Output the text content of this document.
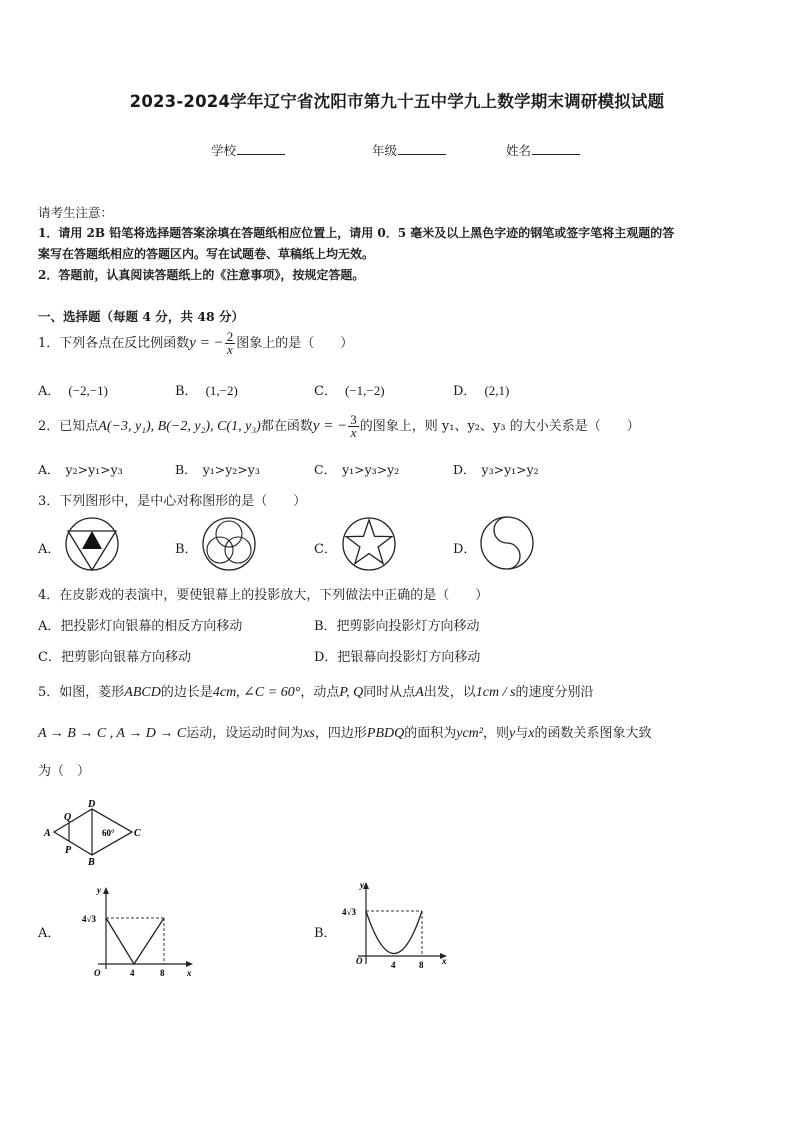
2023-2024学年辽宁省沈阳市第九十五中学九上数学期末调研模拟试题
学校	年级	姓名
请考生注意：
1．请用 2B 铅笔将选择题答案涂填在答题纸相应位置上，请用 0．5 毫米及以上黑色字迹的钢笔或签字笔将主观题的答
案写在答题纸相应的答题区内。写在试题卷、草稿纸上均无效。
2．答题前，认真阅读答题纸上的《注意事项》，按规定答题。
一、选择题（每题 4 分，共 48 分）
1．下列各点在反比例函数y = − $\frac{2}{x}$ 图象上的是（　　）
A． (−2,−1)	B． (1,−2)	C． (−1,−2)	D． (2,1)
2．已知点A(−3, y₁), B(−2, y₂), C(1, y₃)都在函数y = − $\frac{3}{x}$ 的图象上，则 y₁、y₂、y₃ 的大小关系是（　　）
A． y₂>y₁>y₃	B． y₁>y₂>y₃	C． y₁>y₃>y₂	D． y₃>y₁>y₂
3．下列图形中，是中心对称图形的是（　　）
A．	B．	C．	D．
4．在皮影戏的表演中，要使银幕上的投影放大，下列做法中正确的是（　　）
A．把投影灯向银幕的相反方向移动	B．把剪影向投影灯方向移动
C．把剪影向银幕方向移动	D．把银幕向投影灯方向移动
5．如图，菱形ABCD的边长是4cm, ∠C = 60°，动点P, Q同时从点A出发，以1cm / s的速度分别沿
A → B → C , A → D → C运动，设运动时间为xs，四边形PBDQ的面积为ycm²，则y与x的函数关系图象大致
为（　）
A
D
C
B
Q
P
60°
A．	B．
y
x
O
4√3
4	8
y
x
O
4√3
4	8
